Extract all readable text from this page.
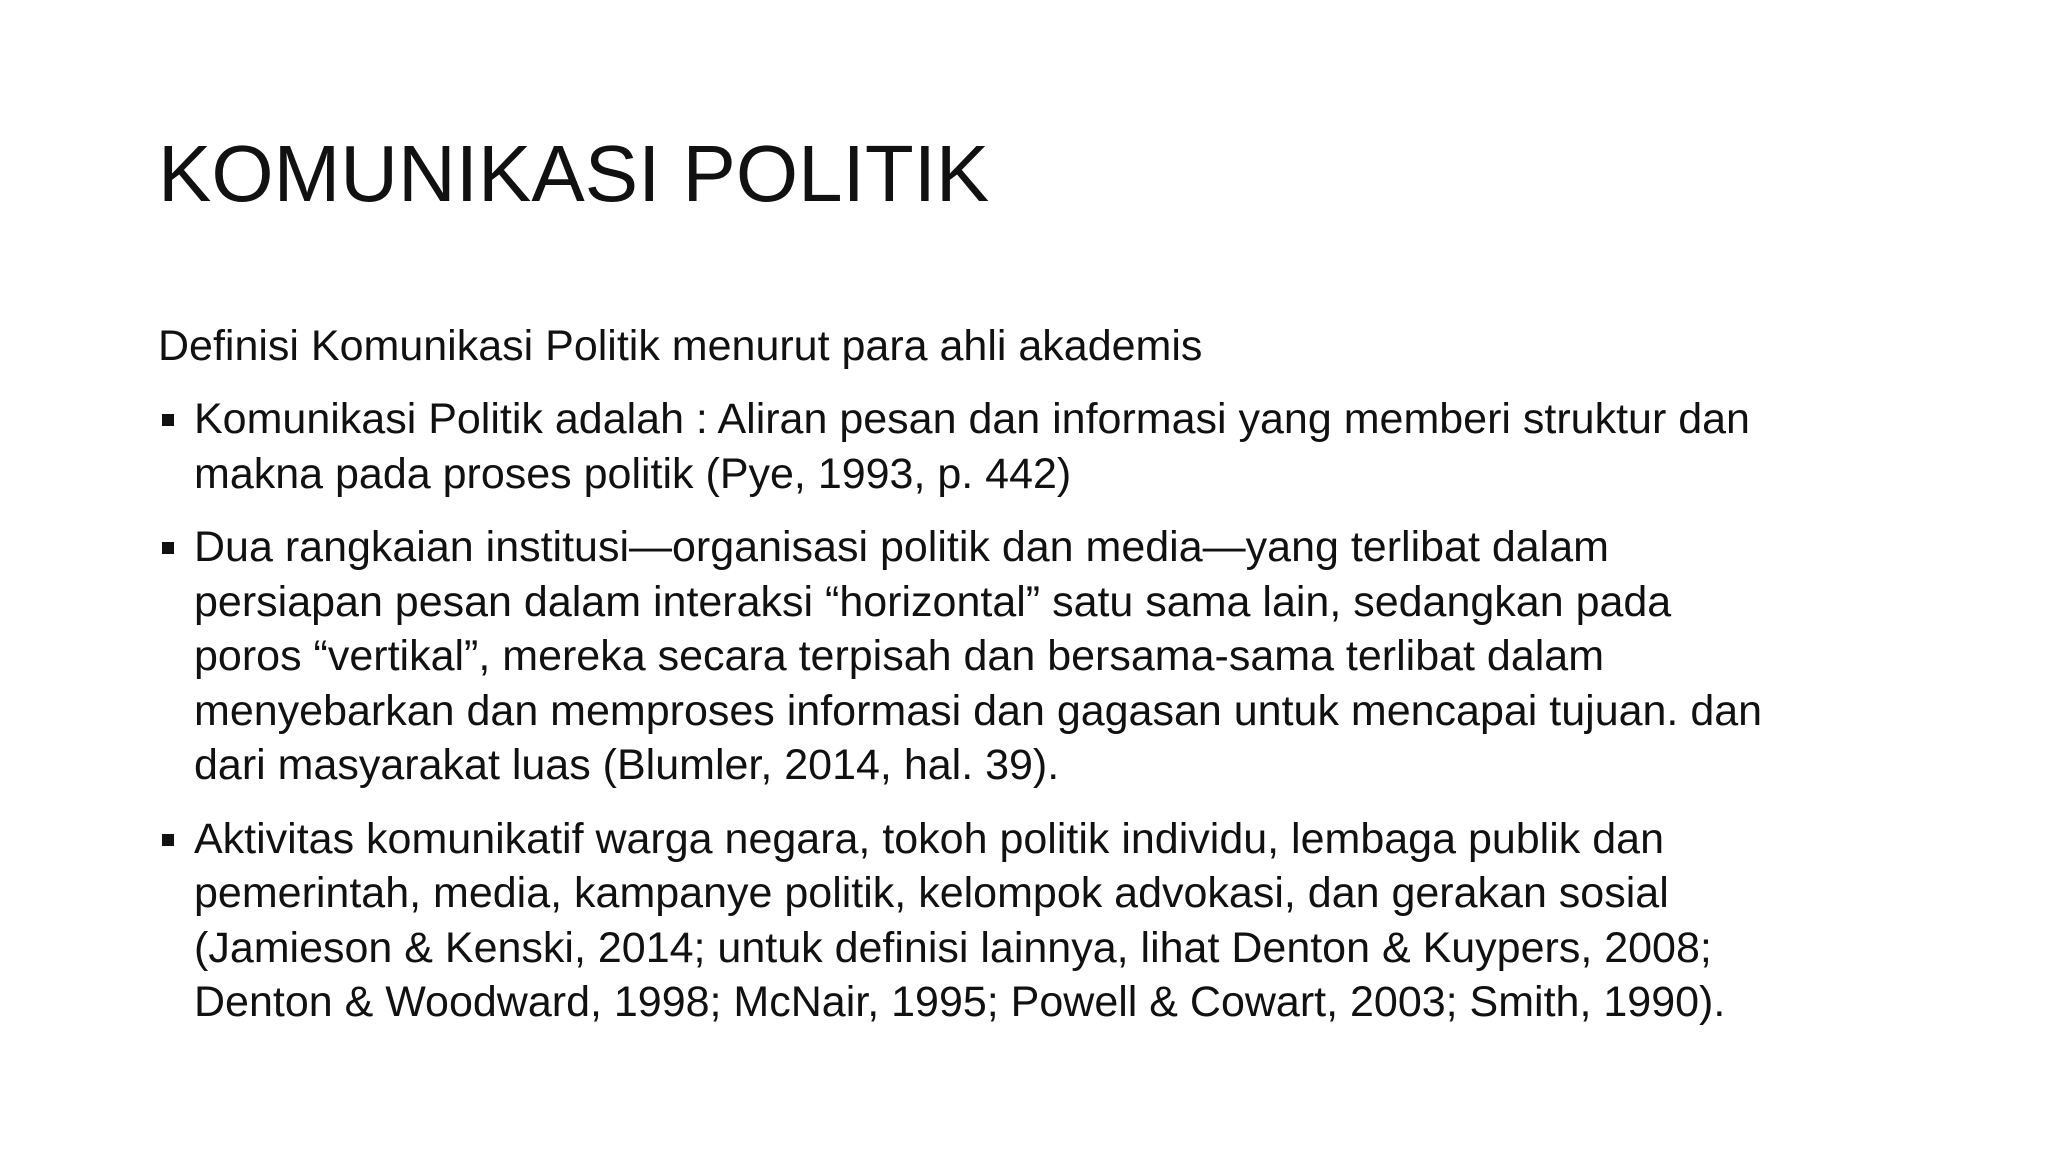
KOMUNIKASI POLITIK
Definisi Komunikasi Politik menurut para ahli akademis
Komunikasi Politik adalah : Aliran pesan dan informasi yang memberi struktur dan
makna pada proses politik (Pye, 1993, p. 442)
Dua rangkaian institusi—organisasi politik dan media—yang terlibat dalam
persiapan pesan dalam interaksi “horizontal” satu sama lain, sedangkan pada
poros “vertikal”, mereka secara terpisah dan bersama-sama terlibat dalam
menyebarkan dan memproses informasi dan gagasan untuk mencapai tujuan. dan
dari masyarakat luas (Blumler, 2014, hal. 39).
Aktivitas komunikatif warga negara, tokoh politik individu, lembaga publik dan
pemerintah, media, kampanye politik, kelompok advokasi, dan gerakan sosial
(Jamieson & Kenski, 2014; untuk definisi lainnya, lihat Denton & Kuypers, 2008;
Denton & Woodward, 1998; McNair, 1995; Powell & Cowart, 2003; Smith, 1990).
